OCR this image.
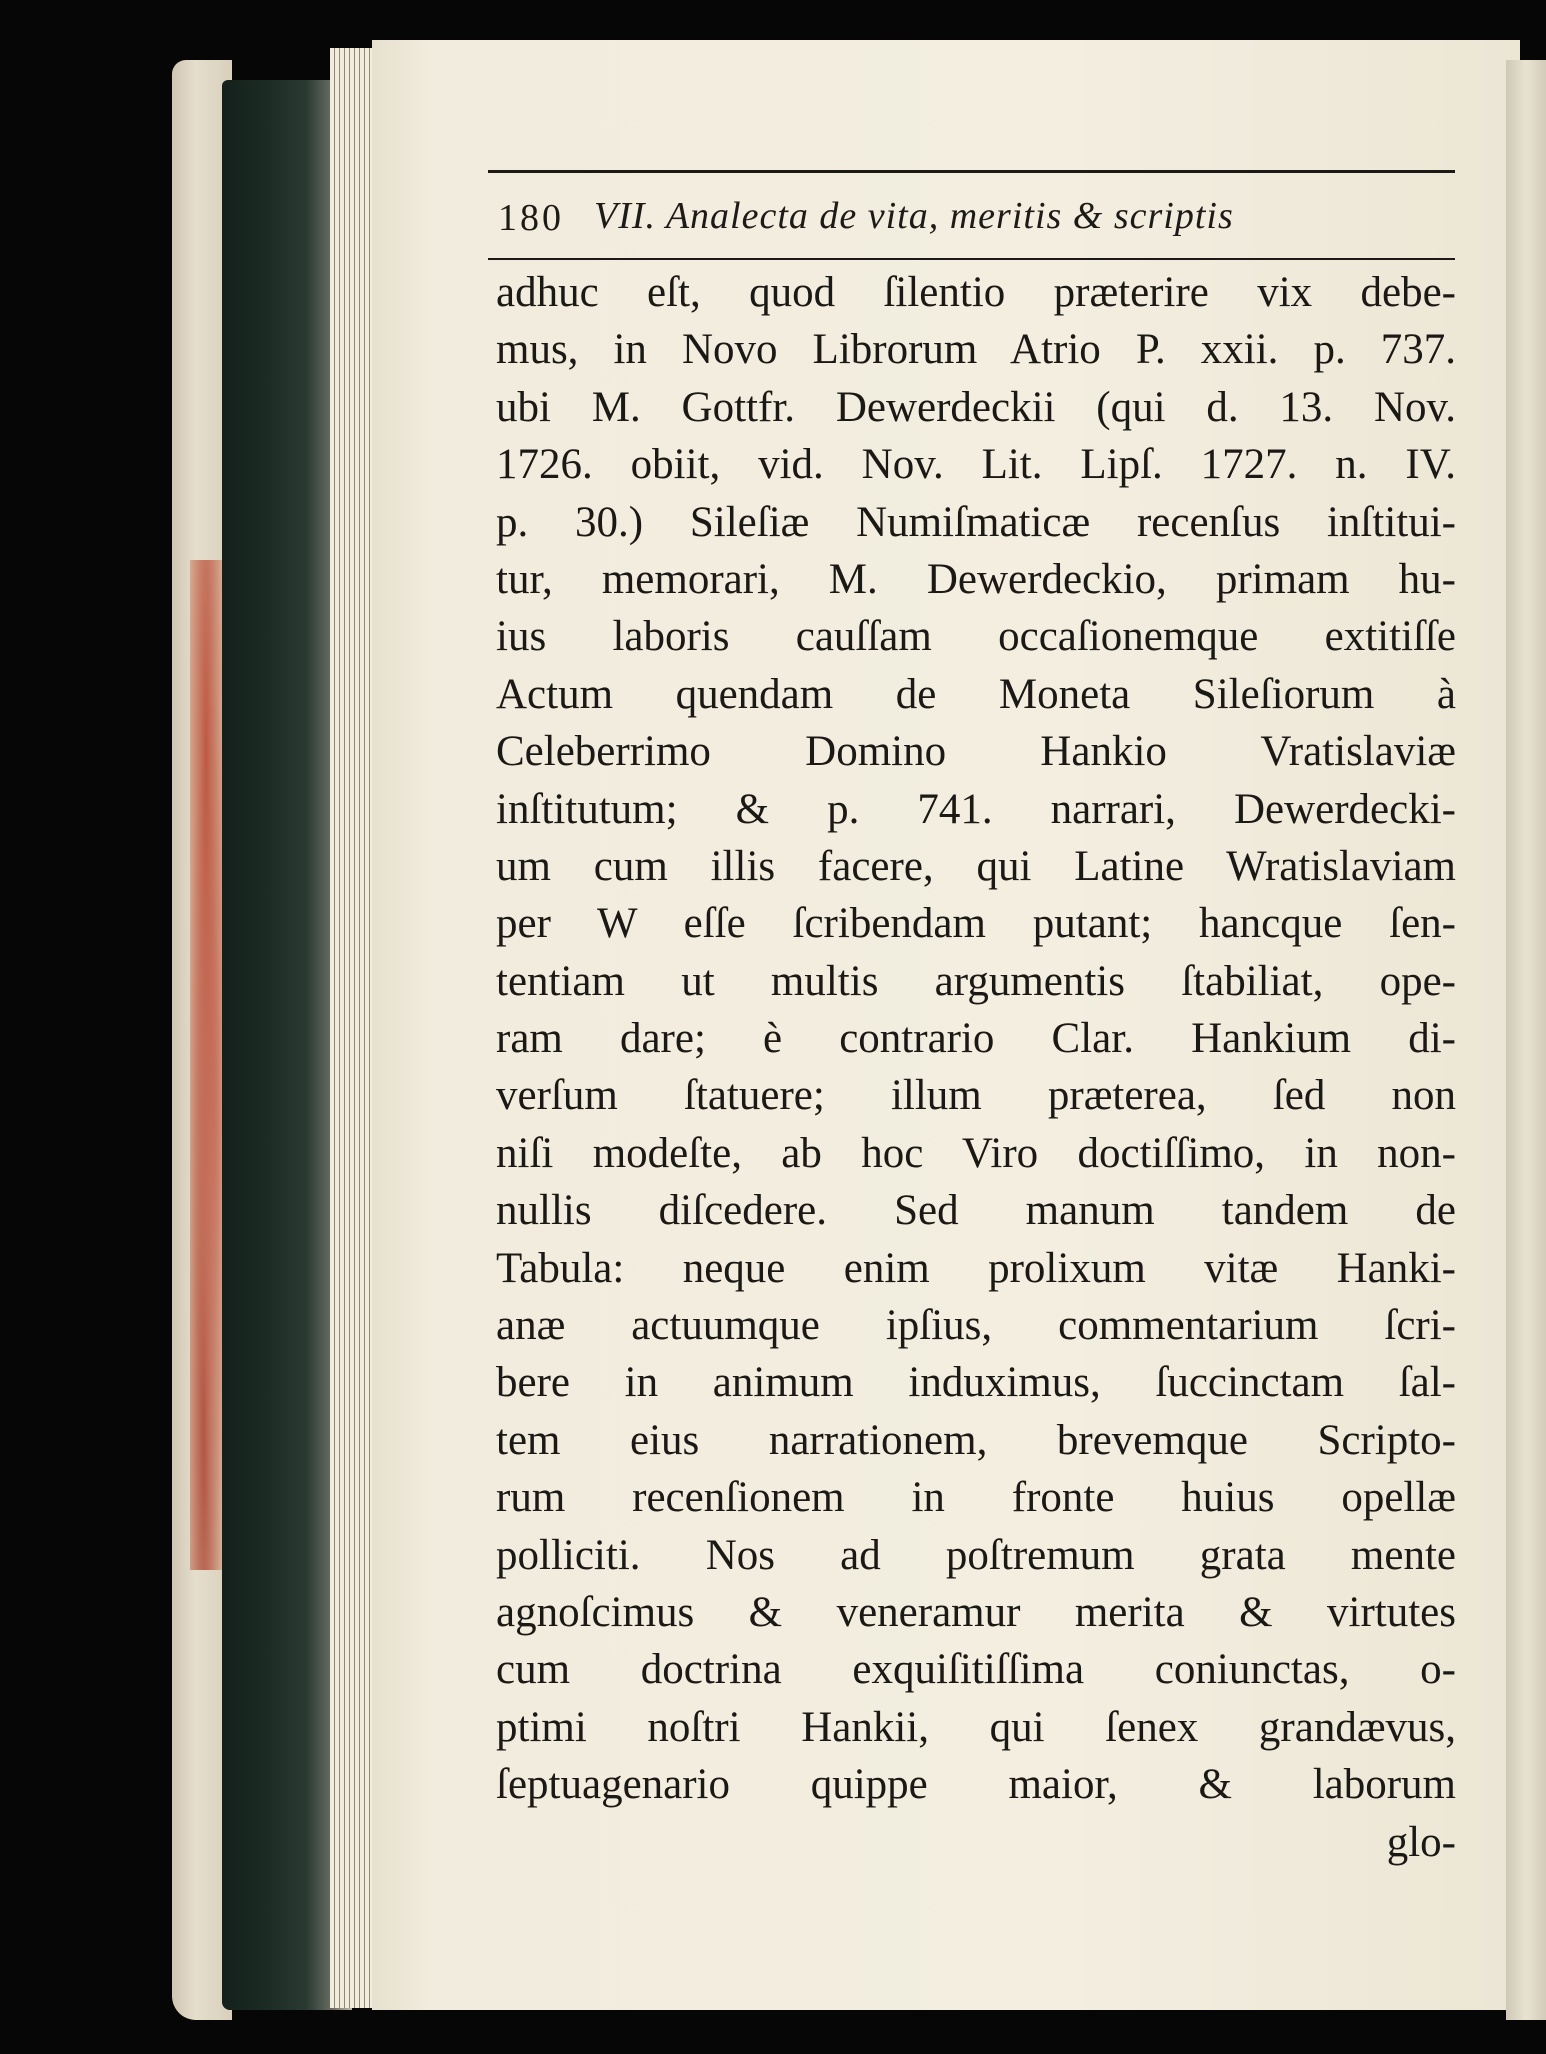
180 VII. Analecta de vita, meritis & scriptis
adhuc eſt, quod ſilentio præterire vix debe-
mus, in Novo Librorum Atrio P. xxii. p. 737.
ubi M. Gottfr. Dewerdeckii (qui d. 13. Nov.
1726. obiit, vid. Nov. Lit. Lipſ. 1727. n. IV.
p. 30.) Sileſiæ Numiſmaticæ recenſus inſtitui-
tur, memorari, M. Dewerdeckio, primam hu-
ius laboris cauſſam occaſionemque extitiſſe
Actum quendam de Moneta Sileſiorum à
Celeberrimo Domino Hankio Vratislaviæ
inſtitutum; & p. 741. narrari, Dewerdecki-
um cum illis facere, qui Latine Wratislaviam
per W eſſe ſcribendam putant; hancque ſen-
tentiam ut multis argumentis ſtabiliat, ope-
ram dare; è contrario Clar. Hankium di-
verſum ſtatuere; illum præterea, ſed non
niſi modeſte, ab hoc Viro doctiſſimo, in non-
nullis diſcedere. Sed manum tandem de
Tabula: neque enim prolixum vitæ Hanki-
anæ actuumque ipſius, commentarium ſcri-
bere in animum induximus, ſuccinctam ſal-
tem eius narrationem, brevemque Scripto-
rum recenſionem in fronte huius opellæ
polliciti. Nos ad poſtremum grata mente
agnoſcimus & veneramur merita & virtutes
cum doctrina exquiſitiſſima coniunctas, o-
ptimi noſtri Hankii, qui ſenex grandævus,
ſeptuagenario quippe maior, & laborum
glo-
